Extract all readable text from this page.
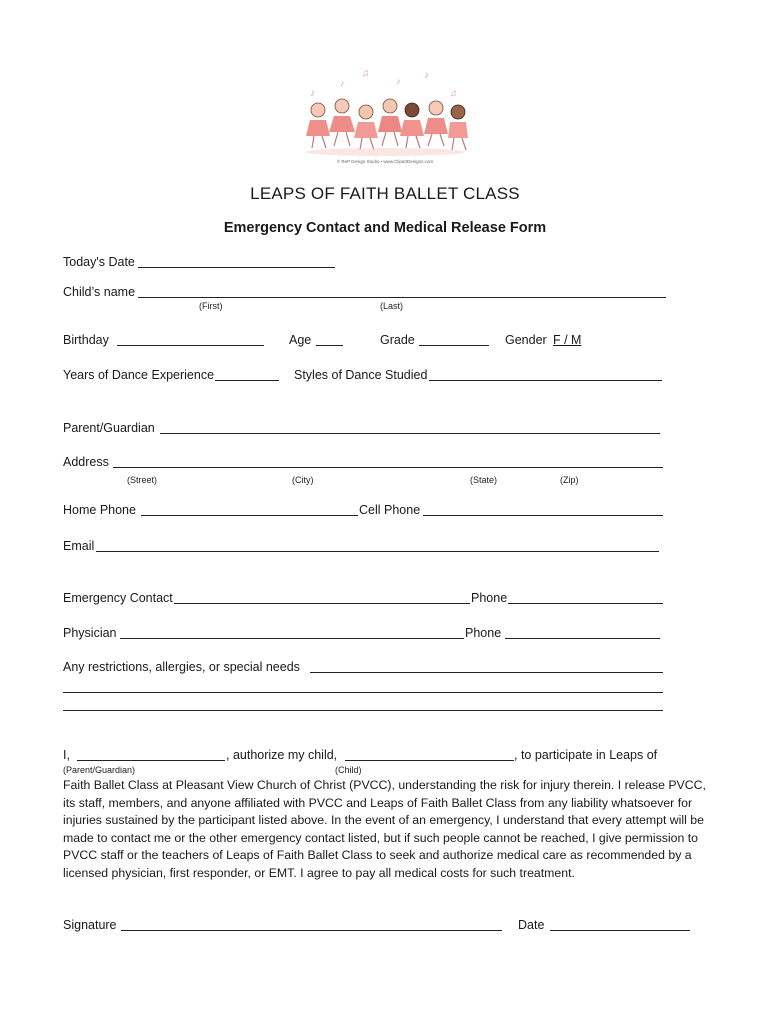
♪
♫
♪ ♪
♫
♪
© ReP Design Studio • www.ClipartDesigns.com
LEAPS OF FAITH BALLET CLASS
Emergency Contact and Medical Release Form
Today's Date
Child’s name
(First)	(Last)
Birthday	Age	Grade	Gender F / M
Years of Dance Experience	Styles of Dance Studied
Parent/Guardian
Address
(Street)	(City)	(State)	(Zip)
Home Phone	Cell Phone
Email
Emergency Contact	Phone
Physician	Phone
Any restrictions, allergies, or special needs
I,	, authorize my child,	, to participate in Leaps of
(Parent/Guardian)	(Child)
Faith Ballet Class at Pleasant View Church of Christ (PVCC), understanding the risk for injury therein. I release PVCC, its staff, members, and anyone affiliated with PVCC and Leaps of Faith Ballet Class from any liability whatsoever for injuries sustained by the participant listed above. In the event of an emergency, I understand that every attempt will be made to contact me or the other emergency contact listed, but if such people cannot be reached, I give permission to PVCC staff or the teachers of Leaps of Faith Ballet Class to seek and authorize medical care as recommended by a licensed physician, first responder, or EMT. I agree to pay all medical costs for such treatment.
Signature	Date
